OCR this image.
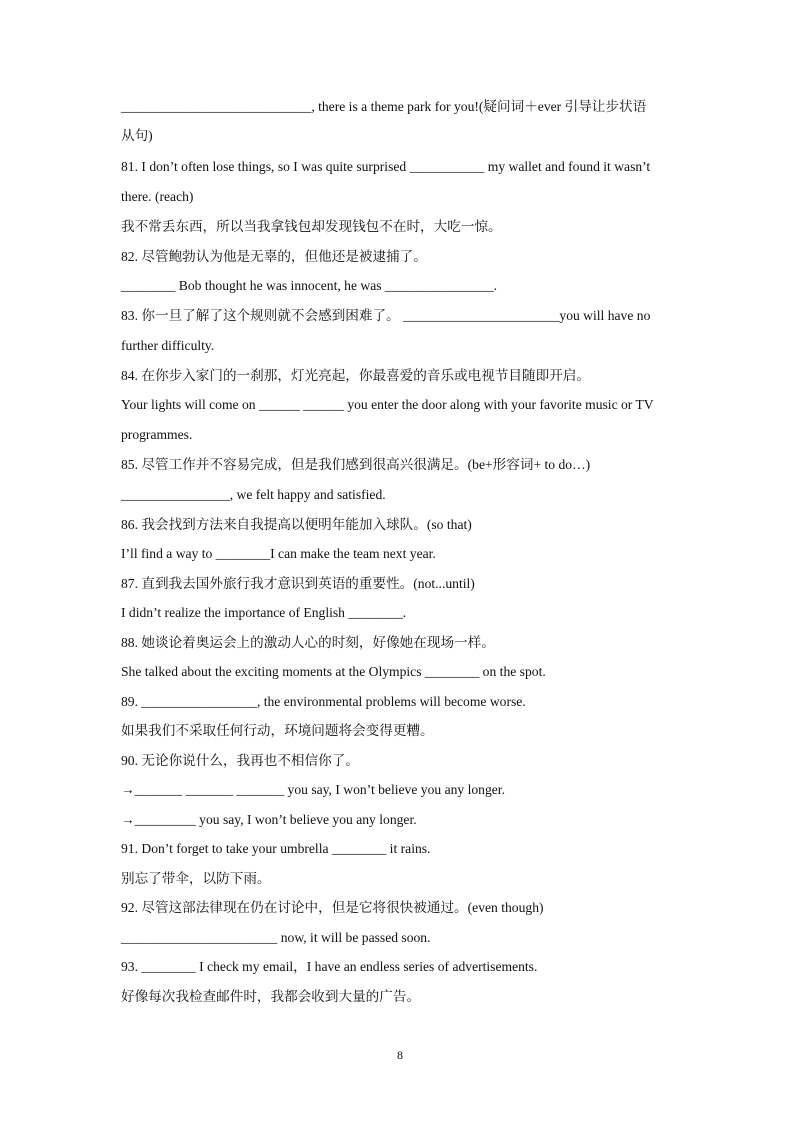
____________________________, there is a theme park for you!(疑问词＋ever 引导让步状语
从句)
81. I don’t often lose things, so I was quite surprised ___________ my wallet and found it wasn’t
there. (reach)
我不常丢东西，所以当我拿钱包却发现钱包不在时，大吃一惊。
82. 尽管鲍勃认为他是无辜的，但他还是被逮捕了。
________ Bob thought he was innocent, he was ________________.
83. 你一旦了解了这个规则就不会感到困难了。 _______________________you will have no
further difficulty.
84. 在你步入家门的一刹那，灯光亮起，你最喜爱的音乐或电视节目随即开启。
Your lights will come on ______ ______ you enter the door along with your favorite music or TV
programmes.
85. 尽管工作并不容易完成，但是我们感到很高兴很满足。(be+形容词+ to do…)
________________, we felt happy and satisfied.
86. 我会找到方法来自我提高以便明年能加入球队。(so that)
I’ll find a way to ________I can make the team next year.
87. 直到我去国外旅行我才意识到英语的重要性。(not...until)
I didn’t realize the importance of English ________.
88. 她谈论着奥运会上的激动人心的时刻，好像她在现场一样。
She talked about the exciting moments at the Olympics ________ on the spot.
89. _________________, the environmental problems will become worse.
如果我们不采取任何行动，环境问题将会变得更糟。
90. 无论你说什么，我再也不相信你了。
→_______ _______ _______ you say, I won’t believe you any longer.
→_________ you say, I won’t believe you any longer.
91. Don’t forget to take your umbrella ________ it rains.
别忘了带伞，以防下雨。
92. 尽管这部法律现在仍在讨论中，但是它将很快被通过。(even though)
_______________________ now, it will be passed soon.
93. ________ I check my email，I have an endless series of advertisements.
好像每次我检查邮件时，我都会收到大量的广告。
8
